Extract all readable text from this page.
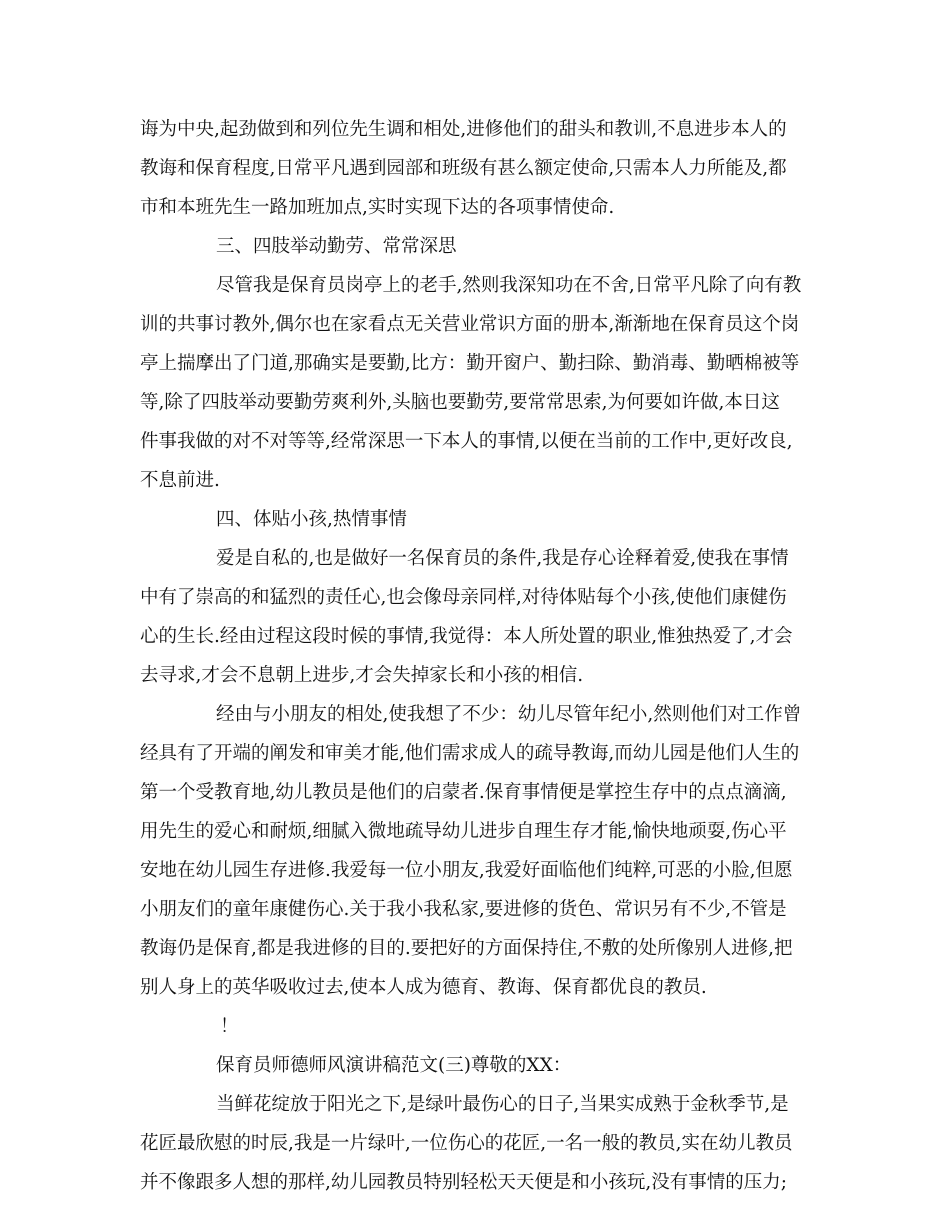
诲为中央,起劲做到和列位先生调和相处,进修他们的甜头和教训,不息进步本人的
教诲和保育程度,日常平凡遇到园部和班级有甚么额定使命,只需本人力所能及,都
市和本班先生一路加班加点,实时实现下达的各项事情使命.
三、四肢举动勤劳、常常深思
尽管我是保育员岗亭上的老手,然则我深知功在不舍,日常平凡除了向有教
训的共事讨教外,偶尔也在家看点无关营业常识方面的册本,渐渐地在保育员这个岗
亭上揣摩出了门道,那确实是要勤,比方：勤开窗户、勤扫除、勤消毒、勤晒棉被等
等,除了四肢举动要勤劳爽利外,头脑也要勤劳,要常常思索,为何要如许做,本日这
件事我做的对不对等等,经常深思一下本人的事情,以便在当前的工作中,更好改良,
不息前进.
四、体贴小孩,热情事情
爱是自私的,也是做好一名保育员的条件,我是存心诠释着爱,使我在事情
中有了崇高的和猛烈的责任心,也会像母亲同样,对待体贴每个小孩,使他们康健伤
心的生长.经由过程这段时候的事情,我觉得：本人所处置的职业,惟独热爱了,才会
去寻求,才会不息朝上进步,才会失掉家长和小孩的相信.
经由与小朋友的相处,使我想了不少：幼儿尽管年纪小,然则他们对工作曾
经具有了开端的阐发和审美才能,他们需求成人的疏导教诲,而幼儿园是他们人生的
第一个受教育地,幼儿教员是他们的启蒙者.保育事情便是掌控生存中的点点滴滴,
用先生的爱心和耐烦,细腻入微地疏导幼儿进步自理生存才能,愉快地顽耍,伤心平
安地在幼儿园生存进修.我爱每一位小朋友,我爱好面临他们纯粹,可恶的小脸,但愿
小朋友们的童年康健伤心.关于我小我私家,要进修的货色、常识另有不少,不管是
教诲仍是保育,都是我进修的目的.要把好的方面保持住,不敷的处所像别人进修,把
别人身上的英华吸收过去,使本人成为德育、教诲、保育都优良的教员.
！
保育员师德师风演讲稿范文(三)尊敬的XX：
当鲜花绽放于阳光之下,是绿叶最伤心的日子,当果实成熟于金秋季节,是
花匠最欣慰的时辰,我是一片绿叶,一位伤心的花匠,一名一般的教员,实在幼儿教员
并不像跟多人想的那样,幼儿园教员特别轻松天天便是和小孩玩,没有事情的压力;
